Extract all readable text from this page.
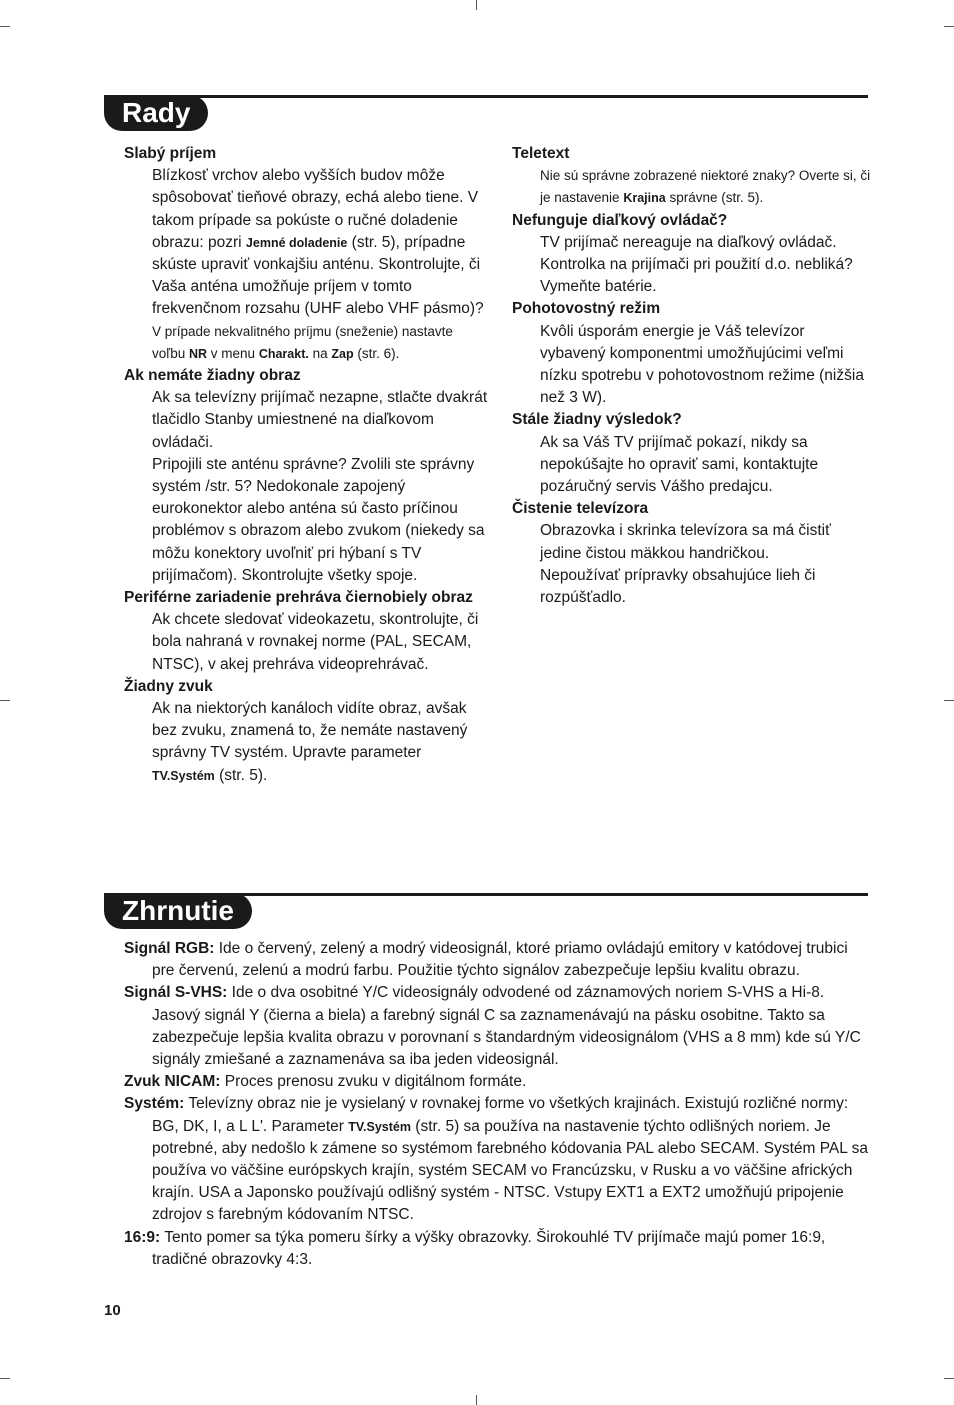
Rady
Slabý príjem
Blízkosť vrchov alebo vyšších budov môže spôsobovať tieňové obrazy, echá alebo tiene. V takom prípade sa pokúste o ručné doladenie obrazu: pozri Jemné doladenie (str. 5), prípadne skúste upraviť vonkajšiu anténu. Skontrolujte, či Vaša anténa umožňuje príjem v tomto frekvenčnom rozsahu (UHF alebo VHF pásmo)?
V prípade nekvalitného príjmu (sneženie) nastavte voľbu NR v menu Charakt. na Zap (str. 6).
Ak nemáte žiadny obraz
Ak sa televízny prijímač nezapne, stlačte dvakrát tlačidlo Stanby umiestnené na diaľkovom ovládači.
Pripojili ste anténu správne? Zvolili ste správny systém /str. 5? Nedokonale zapojený eurokonektor alebo anténa sú často príčinou problémov s obrazom alebo zvukom (niekedy sa môžu konektory uvoľniť pri hýbaní s TV prijímačom). Skontrolujte všetky spoje.
Periférne zariadenie prehráva čiernobiely obraz
Ak chcete sledovať videokazetu, skontrolujte, či bola nahraná v rovnakej norme (PAL, SECAM, NTSC), v akej prehráva videoprehrávač.
Žiadny zvuk
Ak na niektorých kanáloch vidíte obraz, avšak bez zvuku, znamená to, že nemáte nastavený správny TV systém. Upravte parameter TV.Systém (str. 5).
Teletext
Nie sú správne zobrazené niektoré znaky? Overte si, či je nastavenie Krajina správne (str. 5).
Nefunguje diaľkový ovládač?
TV prijímač nereaguje na diaľkový ovládač. Kontrolka na prijímači pri použití d.o. nebliká? Vymeňte batérie.
Pohotovostný režim
Kvôli úsporám energie je Váš televízor vybavený komponentmi umožňujúcimi veľmi nízku spotrebu v pohotovostnom režime (nižšia než 3 W).
Stále žiadny výsledok?
Ak sa Váš TV prijímač pokazí, nikdy sa nepokúšajte ho opraviť sami, kontaktujte pozáručný servis Vášho predajcu.
Čistenie televízora
Obrazovka i skrinka televízora sa má čistiť jedine čistou mäkkou handričkou.
Nepoužívať prípravky obsahujúce lieh či rozpúšťadlo.
Zhrnutie
Signál RGB: Ide o červený, zelený a modrý videosignál, ktoré priamo ovládajú emitory v katódovej trubici pre červenú, zelenú a modrú farbu. Použitie týchto signálov zabezpečuje lepšiu kvalitu obrazu.
Signál S-VHS: Ide o dva osobitné Y/C videosignály odvodené od záznamových noriem S-VHS a Hi-8. Jasový signál Y (čierna a biela) a farebný signál C sa zaznamenávajú na pásku osobitne. Takto sa zabezpečuje lepšia kvalita obrazu v porovnaní s štandardným videosignálom (VHS a 8 mm) kde sú Y/C signály zmiešané a zaznamenáva sa iba jeden videosignál.
Zvuk NICAM: Proces prenosu zvuku v digitálnom formáte.
Systém: Televízny obraz nie je vysielaný v rovnakej forme vo všetkých krajinách. Existujú rozličné normy: BG, DK, I, a L L'. Parameter TV.Systém (str. 5) sa používa na nastavenie týchto odlišných noriem. Je potrebné, aby nedošlo k zámene so systémom farebného kódovania PAL alebo SECAM. Systém PAL sa používa vo väčšine európskych krajín, systém SECAM vo Francúzsku, v Rusku a vo väčšine afrických krajín. USA a Japonsko používajú odlišný systém - NTSC. Vstupy EXT1 a EXT2 umožňujú pripojenie zdrojov s farebným kódovaním NTSC.
16:9: Tento pomer sa týka pomeru šírky a výšky obrazovky. Širokouhlé TV prijímače majú pomer 16:9, tradičné obrazovky 4:3.
10
